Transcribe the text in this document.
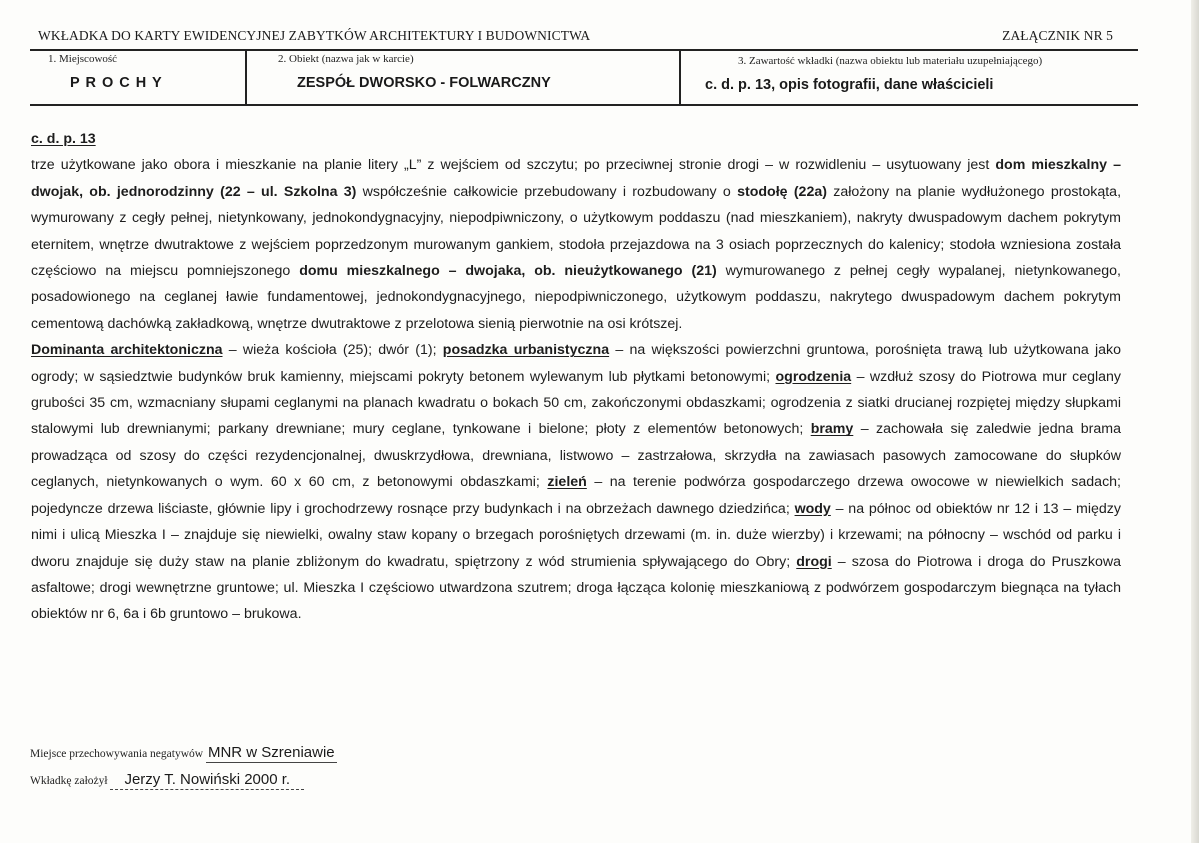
WKŁADKA DO KARTY EWIDENCYJNEJ ZABYTKÓW ARCHITEKTURY I BUDOWNICTWA	ZAŁĄCZNIK NR 5
1. Miejscowość
P R O C H Y
2. Obiekt (nazwa jak w karcie)
ZESPÓŁ DWORSKO - FOLWARCZNY
3. Zawartość wkładki (nazwa obiektu lub materiału uzupełniającego)
c. d. p. 13, opis fotografii, dane właścicieli

c. d. p. 13

trze użytkowane jako obora i mieszkanie na planie litery „L” z wejściem od szczytu; po przeciwnej stronie drogi – w rozwidleniu – usytuowany jest dom mieszkalny – dwojak, ob. jednorodzinny (22 – ul. Szkolna 3) współcześnie całkowicie przebudowany i rozbudowany o stodołę (22a) założony na planie wydłużonego prostokąta, wymurowany z cegły pełnej, nietynkowany, jednokondygnacyjny, niepodpiwniczony, o użytkowym poddaszu (nad mieszkaniem), nakryty dwuspadowym dachem pokrytym eternitem, wnętrze dwutraktowe z wejściem poprzedzonym murowanym gankiem, stodoła przejazdowa na 3 osiach poprzecznych do kalenicy; stodoła wzniesiona została częściowo na miejscu pomniejszonego domu mieszkalnego – dwojaka, ob. nieużytkowanego (21) wymurowanego z pełnej cegły wypalanej, nietynkowanego, posadowionego na ceglanej ławie fundamentowej, jednokondygnacyjnego, niepodpiwniczonego, użytkowym poddaszu, nakrytego dwuspadowym dachem pokrytym cementową dachówką zakładkową, wnętrze dwutraktowe z przelotowa sienią pierwotnie na osi krótszej.

Dominanta architektoniczna – wieża kościoła (25); dwór (1); posadzka urbanistyczna – na większości powierzchni gruntowa, porośnięta trawą lub użytkowana jako ogrody; w sąsiedztwie budynków bruk kamienny, miejscami pokryty betonem wylewanym lub płytkami betonowymi; ogrodzenia – wzdłuż szosy do Piotrowa mur ceglany grubości 35 cm, wzmacniany słupami ceglanymi na planach kwadratu o bokach 50 cm, zakończonymi obdaszkami; ogrodzenia z siatki drucianej rozpiętej między słupkami stalowymi lub drewnianymi; parkany drewniane; mury ceglane, tynkowane i bielone; płoty z elementów betonowych; bramy – zachowała się zaledwie jedna brama prowadząca od szosy do części rezydencjonalnej, dwuskrzydłowa, drewniana, listwowo – zastrzałowa, skrzydła na zawiasach pasowych zamocowane do słupków ceglanych, nietynkowanych o wym. 60 x 60 cm, z betonowymi obdaszkami; zieleń – na terenie podwórza gospodarczego drzewa owocowe w niewielkich sadach; pojedyncze drzewa liściaste, głównie lipy i grochodrzewy rosnące przy budynkach i na obrzeżach dawnego dziedzińca; wody – na północ od obiektów nr 12 i 13 – między nimi i ulicą Mieszka I – znajduje się niewielki, owalny staw kopany o brzegach porośniętych drzewami (m. in. duże wierzby) i krzewami; na północny – wschód od parku i dworu znajduje się duży staw na planie zbliżonym do kwadratu, spiętrzony z wód strumienia spływającego do Obry; drogi – szosa do Piotrowa i droga do Pruszkowa asfaltowe; drogi wewnętrzne gruntowe; ul. Mieszka I częściowo utwardzona szutrem; droga łącząca kolonię mieszkaniową z podwórzem gospodarczym biegnąca na tyłach obiektów nr 6, 6a i 6b gruntowo – brukowa.

Miejsce przechowywania negatywów MNR w Szreniawie
Wkładkę założył Jerzy T. Nowiński 2000 r.
